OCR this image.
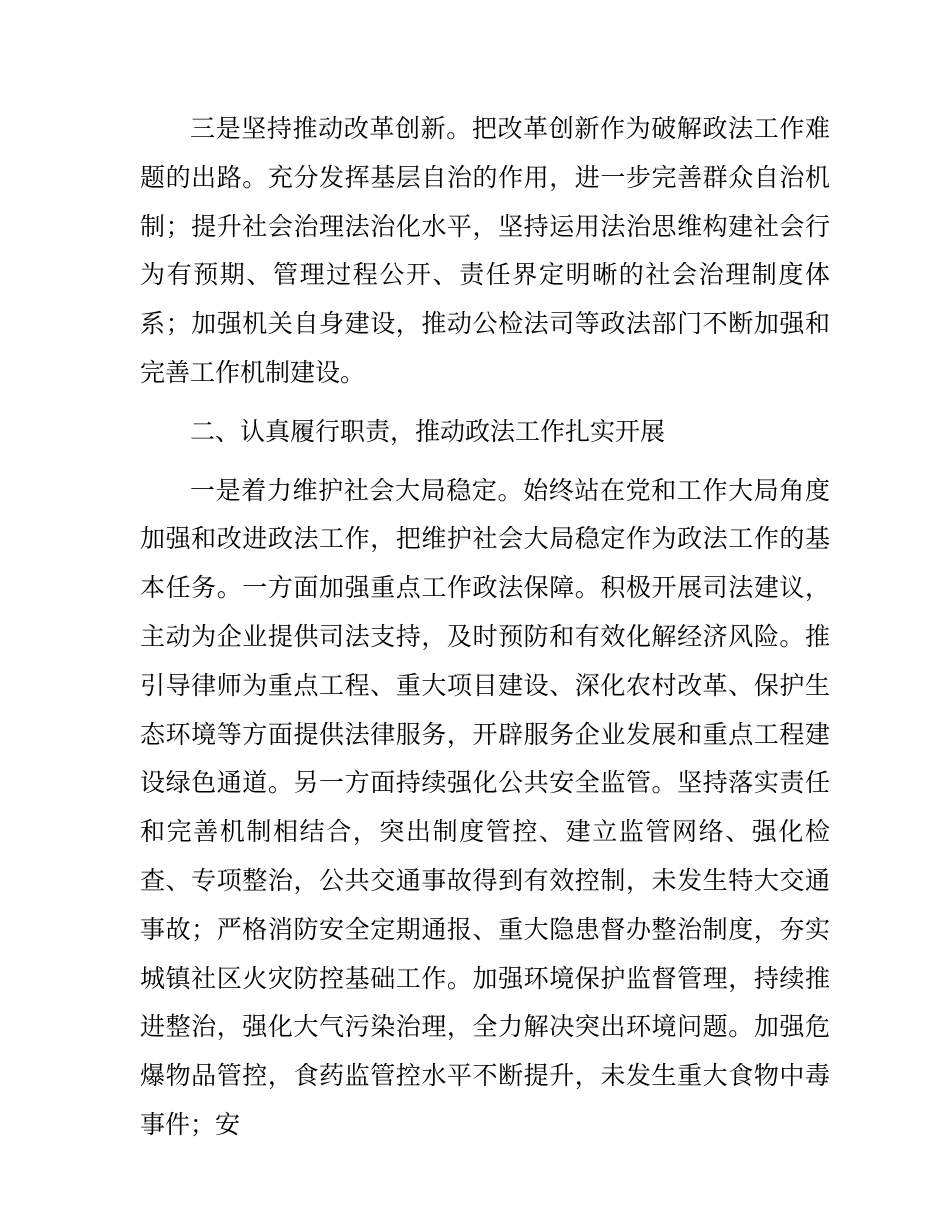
三是坚持推动改革创新。把改革创新作为破解政法工作难题的出路。充分发挥基层自治的作用，进一步完善群众自治机制；提升社会治理法治化水平，坚持运用法治思维构建社会行为有预期、管理过程公开、责任界定明晰的社会治理制度体系；加强机关自身建设，推动公检法司等政法部门不断加强和完善工作机制建设。

二、认真履行职责，推动政法工作扎实开展

一是着力维护社会大局稳定。始终站在党和工作大局角度加强和改进政法工作，把维护社会大局稳定作为政法工作的基本任务。一方面加强重点工作政法保障。积极开展司法建议，主动为企业提供司法支持，及时预防和有效化解经济风险。推引导律师为重点工程、重大项目建设、深化农村改革、保护生态环境等方面提供法律服务，开辟服务企业发展和重点工程建设绿色通道。另一方面持续强化公共安全监管。坚持落实责任和完善机制相结合，突出制度管控、建立监管网络、强化检查、专项整治，公共交通事故得到有效控制，未发生特大交通事故；严格消防安全定期通报、重大隐患督办整治制度，夯实城镇社区火灾防控基础工作。加强环境保护监督管理，持续推进整治，强化大气污染治理，全力解决突出环境问题。加强危爆物品管控，食药监管控水平不断提升，未发生重大食物中毒事件；安
